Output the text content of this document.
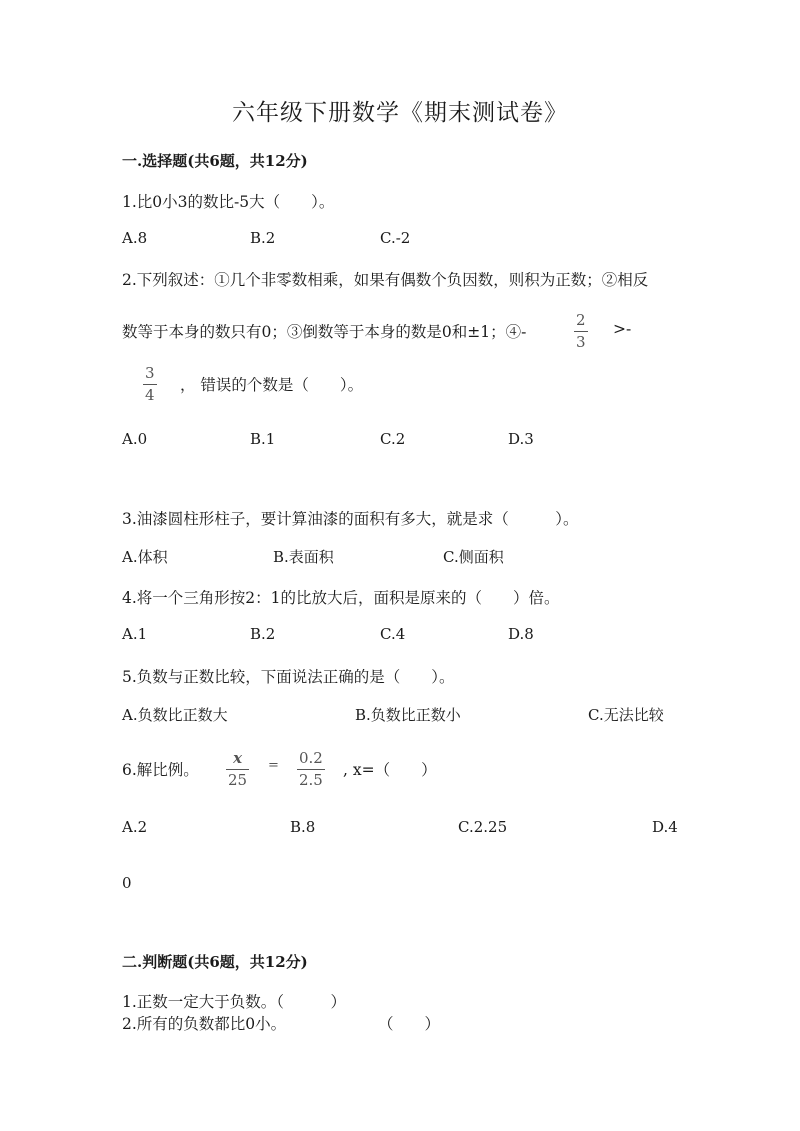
六年级下册数学《期末测试卷》
一.选择题(共6题，共12分)
1.比0小3的数比-5大（　　）。
A.8	B.2	C.-2
2.下列叙述：①几个非零数相乘，如果有偶数个负因数，则积为正数；②相反
数等于本身的数只有0；③倒数等于本身的数是0和±1；④-
2
3
>-
3
4
， 错误的个数是（　　）。
A.0	B.1	C.2	D.3
3.油漆圆柱形柱子，要计算油漆的面积有多大，就是求（　　　）。
A.体积	B.表面积	C.侧面积
4.将一个三角形按2：1的比放大后，面积是原来的（　　）倍。
A.1	B.2	C.4	D.8
5.负数与正数比较，下面说法正确的是（　　）。
A.负数比正数大	B.负数比正数小	C.无法比较
6.解比例。
x
25
= 0.2
2.5
, x=（　　）
A.2	B.8	C.2.25	D.4
0
二.判断题(共6题，共12分)
1.正数一定大于负数。（　　　）
2.所有的负数都比0小。	（　　）
